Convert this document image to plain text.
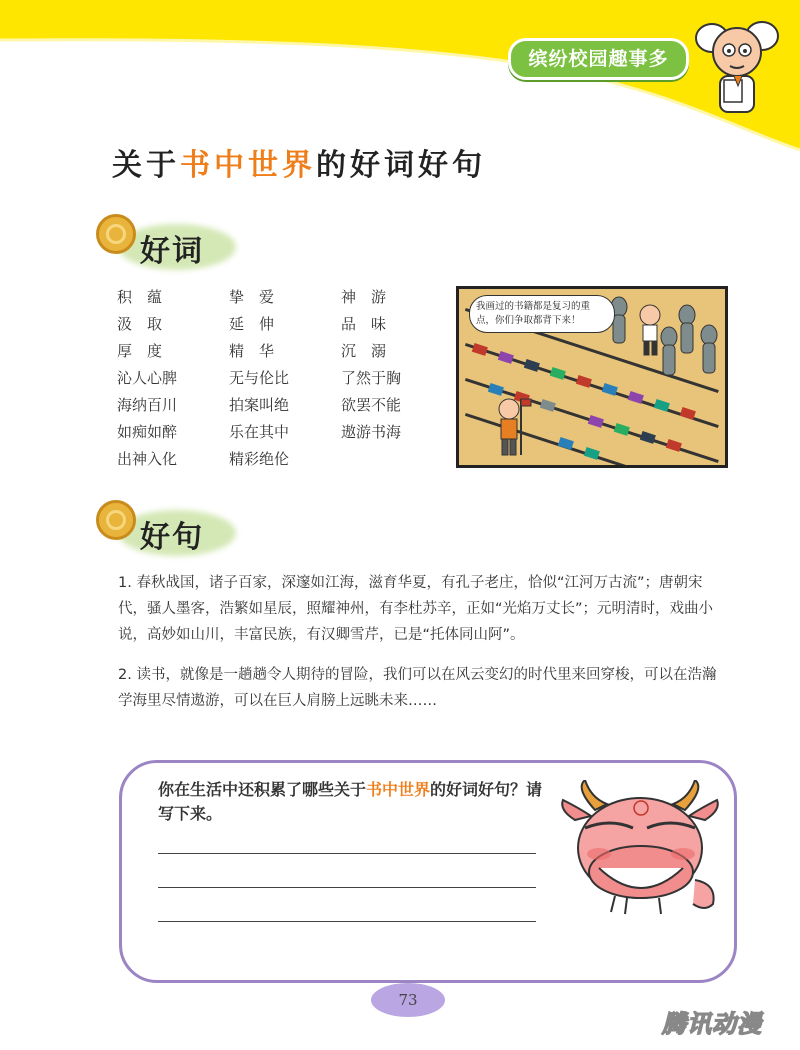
缤纷校园趣事多
关于书中世界的好词好句
好词
积　蕴	挚　爱	神　游
汲　取	延　伸	品　味
厚　度	精　华	沉　溺
沁人心脾	无与伦比	了然于胸
海纳百川	拍案叫绝	欲罢不能
如痴如醉	乐在其中	遨游书海
出神入化	精彩绝伦
我画过的书籍都是复习的重点，你们争取都背下来！
好句
1. 春秋战国，诸子百家，深邃如江海，滋育华夏，有孔子老庄，恰似“江河万古流”；唐朝宋代，骚人墨客，浩繁如星辰，照耀神州，有李杜苏辛，正如“光焰万丈长”；元明清时，戏曲小说，高妙如山川，丰富民族，有汉卿雪芹，已是“托体同山阿”。
2. 读书，就像是一趟趟令人期待的冒险，我们可以在风云变幻的时代里来回穿梭，可以在浩瀚学海里尽情遨游，可以在巨人肩膀上远眺未来……
你在生活中还积累了哪些关于书中世界的好词好句？请写下来。
73
腾讯动漫
